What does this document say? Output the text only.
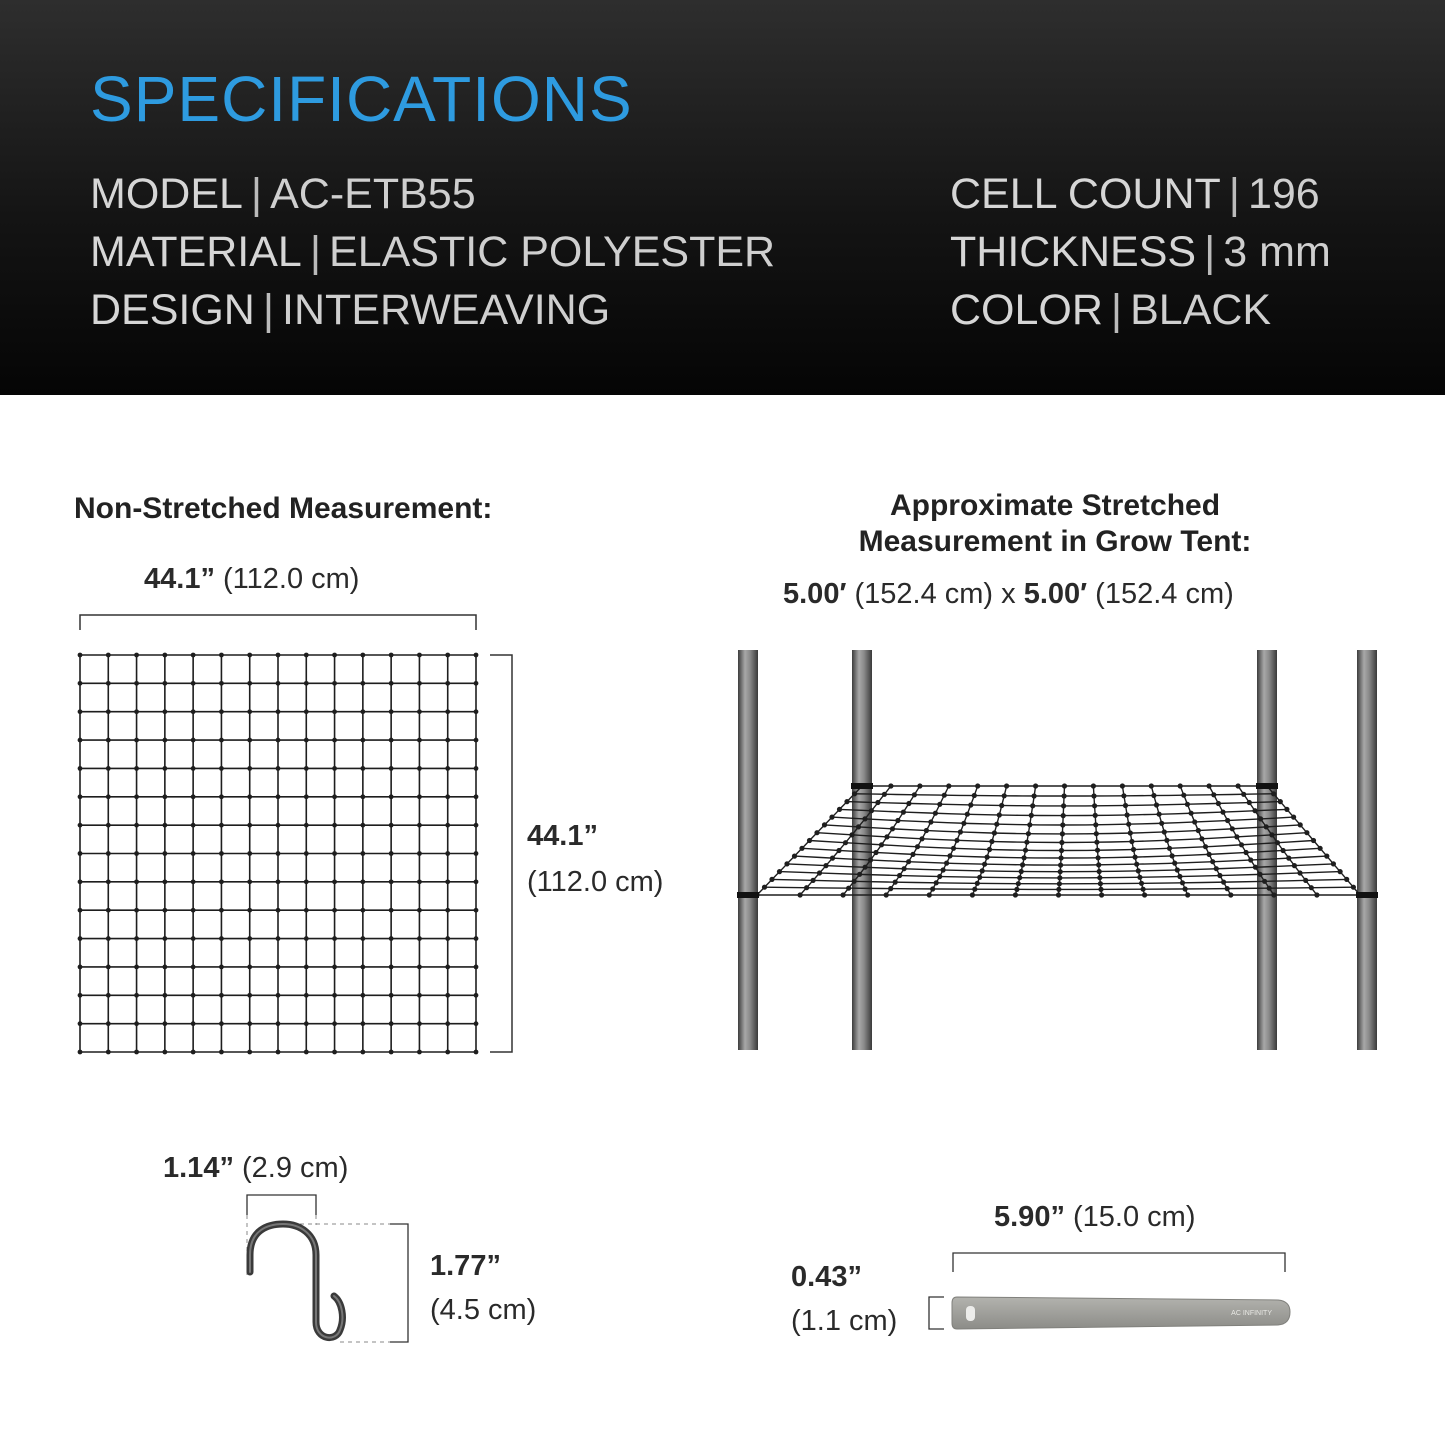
SPECIFICATIONS
MODEL | AC-ETB55
MATERIAL | ELASTIC POLYESTER
DESIGN | INTERWEAVING
CELL COUNT | 196
THICKNESS | 3 mm
COLOR | BLACK
Non-Stretched Measurement:	Approximate Stretched
Measurement in Grow Tent:
44.1” (112.0 cm)
44.1”
(112.0 cm)
5.00′ (152.4 cm) x 5.00′ (152.4 cm)
1.14” (2.9 cm)
1.77”
(4.5 cm)
5.90” (15.0 cm)
0.43”
(1.1 cm)	AC INFINITY
